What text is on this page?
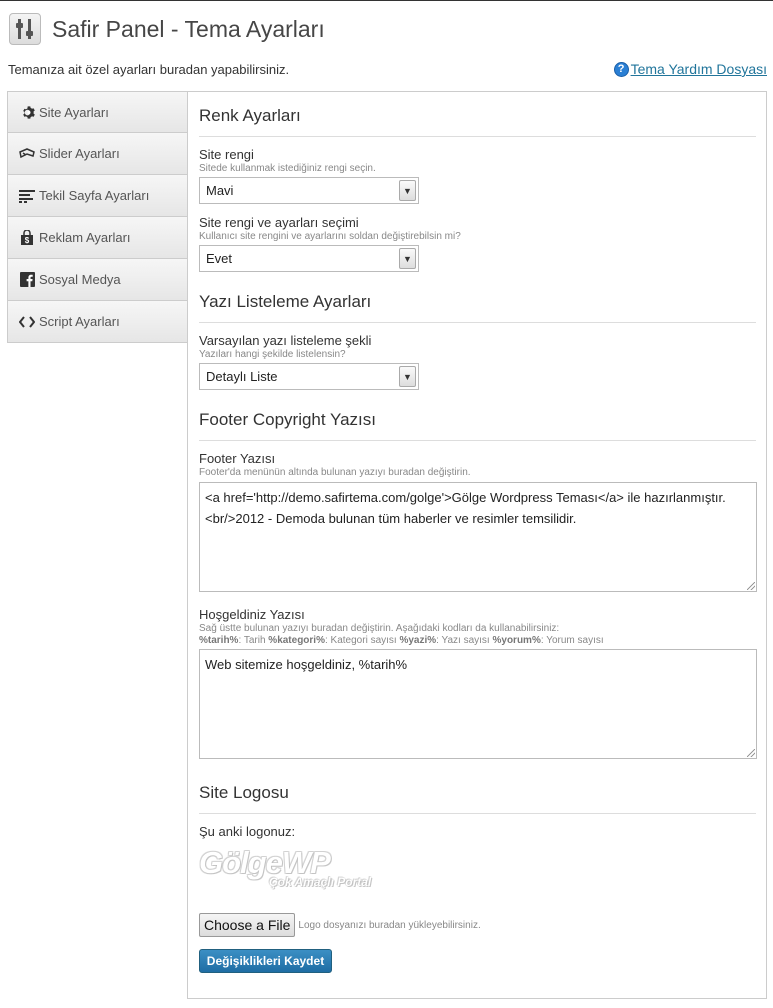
Safir Panel - Tema Ayarları
Temanıza ait özel ayarları buradan yapabilirsiniz.	? Tema Yardım Dosyası
Site Ayarları
Slider Ayarları
Tekil Sayfa Ayarları
$ Reklam Ayarları
Sosyal Medya
Script Ayarları
Renk Ayarları
Site rengi
Sitede kullanmak istediğiniz rengi seçin.
Mavi	▼
Site rengi ve ayarları seçimi
Kullanıcı site rengini ve ayarlarını soldan değiştirebilsin mi?
Evet	▼
Yazı Listeleme Ayarları
Varsayılan yazı listeleme şekli
Yazıları hangi şekilde listelensin?
Detaylı Liste	▼
Footer Copyright Yazısı
Footer Yazısı
Footer'da menünün altında bulunan yazıyı buradan değiştirin.
<a href='http://demo.safirtema.com/golge'>Gölge Wordpress Teması</a> ile hazırlanmıştır.<br/>2012 - Demoda bulunan tüm haberler ve resimler temsilidir.
Hoşgeldiniz Yazısı
Sağ üstte bulunan yazıyı buradan değiştirin. Aşağıdaki kodları da kullanabilirsiniz:
%tarih%: Tarih %kategori%: Kategori sayısı %yazi%: Yazı sayısı %yorum%: Yorum sayısı
Web sitemize hoşgeldiniz, %tarih%
Site Logosu
Şu anki logonuz:
GölgeWP
Çok Amaçlı Portal
Choose a File Logo dosyanızı buradan yükleyebilirsiniz.
Değişiklikleri Kaydet
